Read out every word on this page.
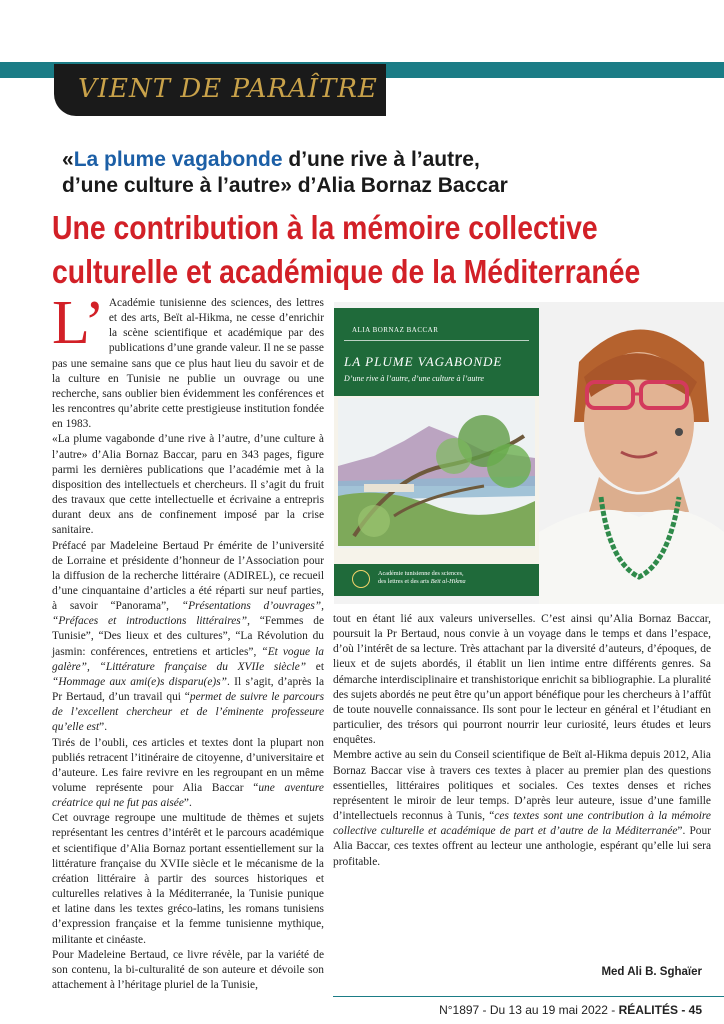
VIENT DE PARAÎTRE
«La plume vagabonde d’une rive à l’autre,
d’une culture à l’autre» d’Alia Bornaz Baccar
Une contribution à la mémoire collective
culturelle et académique de la Méditerranée
ALIA BORNAZ BACCAR
LA PLUME VAGABONDE
D’une rive à l’autre, d’une culture à l’autre
Académie tunisienne des sciences,
des lettres et des arts Beït al-Hikma
L’ Académie tunisienne des sciences, des lettres et des arts, Beït al-Hikma, ne cesse d’enrichir la scène scientifique et académique par des publications d’une grande valeur. Il ne se passe pas une semaine sans que ce plus haut lieu du savoir et de la culture en Tunisie ne publie un ouvrage ou une recherche, sans oublier bien évidemment les conférences et les rencontres qu’abrite cette prestigieuse institution fondée en 1983.

«La plume vagabonde d’une rive à l’autre, d’une culture à l’autre» d’Alia Bornaz Baccar, paru en 343 pages, figure parmi les dernières publications que l’académie met à la disposition des intellectuels et chercheurs. Il s’agit du fruit des travaux que cette intellectuelle et écrivaine a entrepris durant deux ans de confinement imposé par la crise sanitaire.

Préfacé par Madeleine Bertaud Pr émérite de l’université de Lorraine et présidente d’honneur de l’Association pour la diffusion de la recherche littéraire (ADIREL), ce recueil d’une cinquantaine d’articles a été réparti sur neuf parties, à savoir “Panorama”, “Présentations d’ouvrages”, “Préfaces et introductions littéraires”, “Femmes de Tunisie”, “Des lieux et des cultures”, “La Révolution du jasmin: conférences, entretiens et articles”, “Et vogue la galère”, “Littérature française du XVIIe siècle” et “Hommage aux ami(e)s disparu(e)s”. Il s’agit, d’après la Pr Bertaud, d’un travail qui “permet de suivre le parcours de l’excellent chercheur et de l’éminente professeure qu’elle est”.

Tirés de l’oubli, ces articles et textes dont la plupart non publiés retracent l’itinéraire de citoyenne, d’universitaire et d’auteure. Les faire revivre en les regroupant en un même volume représente pour Alia Baccar “une aventure créatrice qui ne fut pas aisée”.

Cet ouvrage regroupe une multitude de thèmes et sujets représentant les centres d’intérêt et le parcours académique et scientifique d’Alia Bornaz portant essentiellement sur la littérature française du XVIIe siècle et le mécanisme de la création littéraire à partir des sources historiques et culturelles relatives à la Méditerranée, la Tunisie punique et latine dans les textes gréco-latins, les romans tunisiens d’expression française et la femme tunisienne mythique, militante et cinéaste.

Pour Madeleine Bertaud, ce livre révèle, par la variété de son contenu, la bi-culturalité de son auteure et dévoile son attachement à l’héritage pluriel de la Tunisie,

tout en étant lié aux valeurs universelles. C’est ainsi qu’Alia Bornaz Baccar, poursuit la Pr Bertaud, nous convie à un voyage dans le temps et dans l’espace, d’où l’intérêt de sa lecture. Très attachant par la diversité d’auteurs, d’époques, de lieux et de sujets abordés, il établit un lien intime entre différents genres. Sa démarche interdisciplinaire et transhistorique enrichit sa bibliographie. La pluralité des sujets abordés ne peut être qu’un apport bénéfique pour les chercheurs à l’affût de toute nouvelle connaissance. Ils sont pour le lecteur en général et l’étudiant en particulier, des trésors qui pourront nourrir leur curiosité, leurs études et leurs enquêtes.

Membre active au sein du Conseil scientifique de Beït al-Hikma depuis 2012, Alia Bornaz Baccar vise à travers ces textes à placer au premier plan des questions essentielles, littéraires politiques et sociales. Ces textes denses et riches représentent le miroir de leur temps. D’après leur auteure, issue d’une famille d’intellectuels reconnus à Tunis, “ces textes sont une contribution à la mémoire collective culturelle et académique de part et d’autre de la Méditerranée”. Pour Alia Baccar, ces textes offrent au lecteur une anthologie, espérant qu’elle lui sera profitable.

Med Ali B. Sghaïer
N°1897 - Du 13 au 19 mai 2022 - RÉALITÉS - 45
